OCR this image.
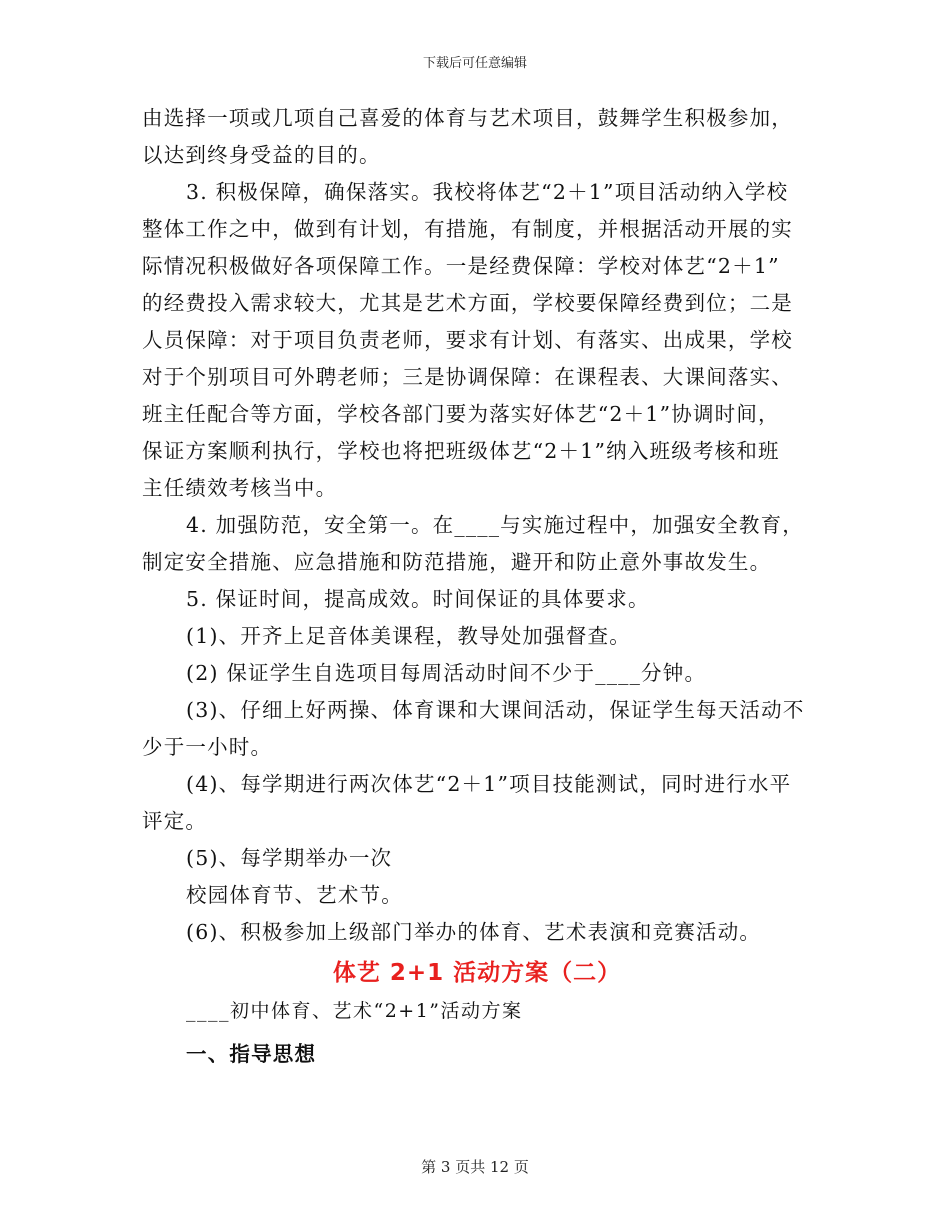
下载后可任意编辑
由选择一项或几项自己喜爱的体育与艺术项目，鼓舞学生积极参加，
以达到终身受益的目的。
3. 积极保障，确保落实。我校将体艺“2＋1”项目活动纳入学校
整体工作之中，做到有计划，有措施，有制度，并根据活动开展的实
际情况积极做好各项保障工作。一是经费保障：学校对体艺“2＋1”
的经费投入需求较大，尤其是艺术方面，学校要保障经费到位；二是
人员保障：对于项目负责老师，要求有计划、有落实、出成果，学校
对于个别项目可外聘老师；三是协调保障：在课程表、大课间落实、
班主任配合等方面，学校各部门要为落实好体艺“2＋1”协调时间，
保证方案顺利执行，学校也将把班级体艺“2＋1”纳入班级考核和班
主任绩效考核当中。
4. 加强防范，安全第一。在____与实施过程中，加强安全教育，
制定安全措施、应急措施和防范措施，避开和防止意外事故发生。
5. 保证时间，提高成效。时间保证的具体要求。
(1)、开齐上足音体美课程，教导处加强督查。
(2) 保证学生自选项目每周活动时间不少于____分钟。
(3)、仔细上好两操、体育课和大课间活动，保证学生每天活动不
少于一小时。
(4)、每学期进行两次体艺“2＋1”项目技能测试，同时进行水平
评定。
(5)、每学期举办一次
校园体育节、艺术节。
(6)、积极参加上级部门举办的体育、艺术表演和竞赛活动。
体艺 2+1 活动方案（二）
____初中体育、艺术“2+1”活动方案
一、指导思想
第 3 页共 12 页
